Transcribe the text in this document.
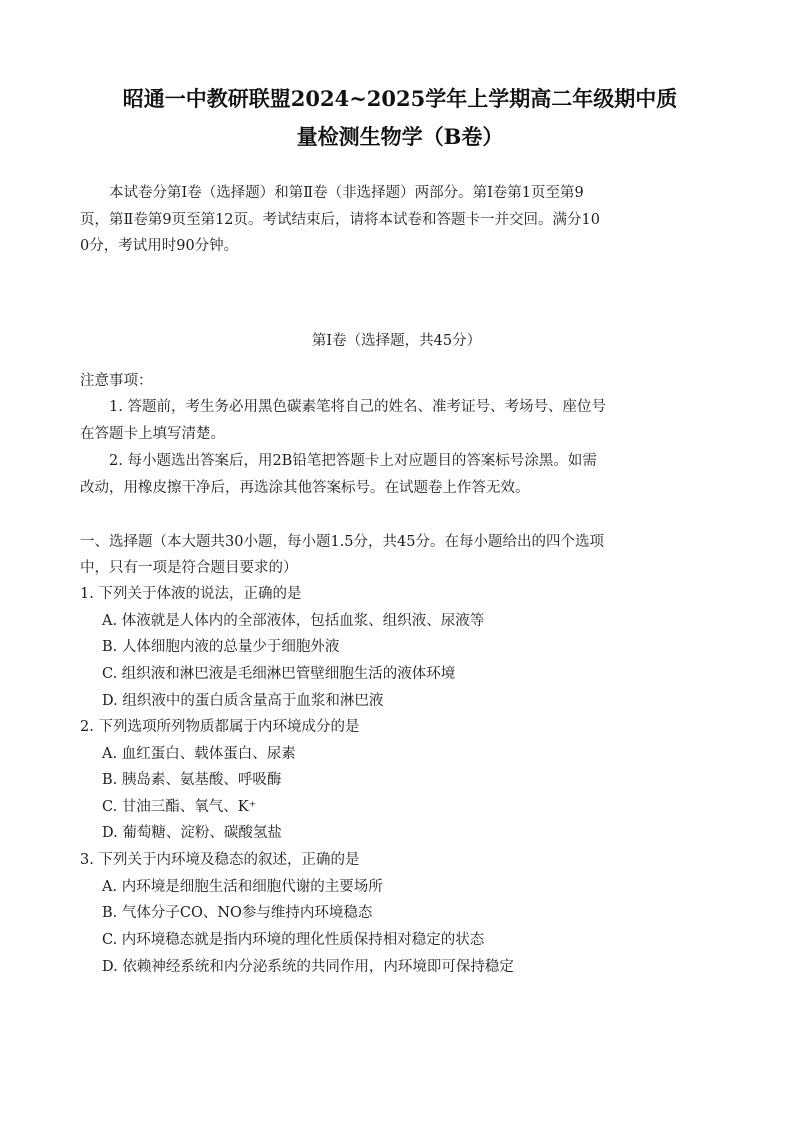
昭通一中教研联盟2024~2025学年上学期高二年级期中质
量检测生物学（B卷）
　　本试卷分第Ⅰ卷（选择题）和第Ⅱ卷（非选择题）两部分。第Ⅰ卷第1页至第9
页，第Ⅱ卷第9页至第12页。考试结束后，请将本试卷和答题卡一并交回。满分10
0分，考试用时90分钟。
第Ⅰ卷（选择题，共45分）
注意事项：
　　1. 答题前，考生务必用黑色碳素笔将自己的姓名、准考证号、考场号、座位号
在答题卡上填写清楚。
　　2. 每小题选出答案后，用2B铅笔把答题卡上对应题目的答案标号涂黑。如需
改动，用橡皮擦干净后，再选涂其他答案标号。在试题卷上作答无效。
一、选择题（本大题共30小题，每小题1.5分，共45分。在每小题给出的四个选项
中，只有一项是符合题目要求的）
1. 下列关于体液的说法，正确的是
A. 体液就是人体内的全部液体，包括血浆、组织液、尿液等
B. 人体细胞内液的总量少于细胞外液
C. 组织液和淋巴液是毛细淋巴管壁细胞生活的液体环境
D. 组织液中的蛋白质含量高于血浆和淋巴液
2. 下列选项所列物质都属于内环境成分的是
A. 血红蛋白、载体蛋白、尿素
B. 胰岛素、氨基酸、呼吸酶
C. 甘油三酯、氧气、K⁺
D. 葡萄糖、淀粉、碳酸氢盐
3. 下列关于内环境及稳态的叙述，正确的是
A. 内环境是细胞生活和细胞代谢的主要场所
B. 气体分子CO、NO参与维持内环境稳态
C. 内环境稳态就是指内环境的理化性质保持相对稳定的状态
D. 依赖神经系统和内分泌系统的共同作用，内环境即可保持稳定
